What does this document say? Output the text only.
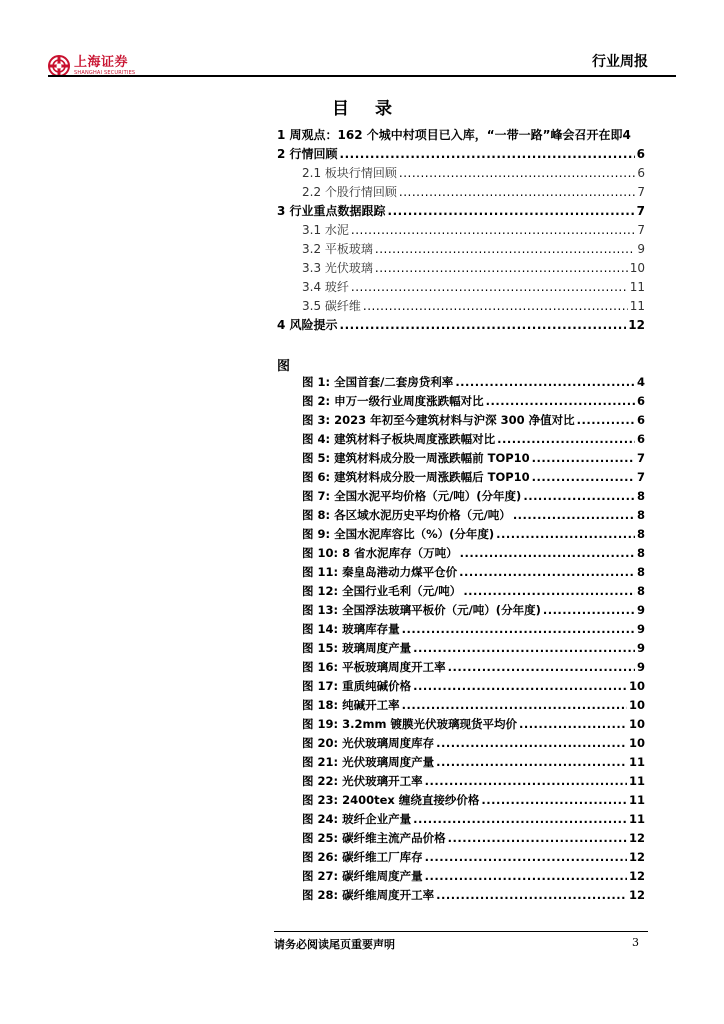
上海证券
SHANGHAI SECURITIES
行业周报
目 录
1 周观点：162 个城中村项目已入库，“一带一路”峰会召开在即 4
2 行情回顾 .....	6
2.1 板块行情回顾 .....	6
2.2 个股行情回顾 .....	7
3 行业重点数据跟踪 .....	7
3.1 水泥 .....	7
3.2 平板玻璃 .....	9
3.3 光伏玻璃 .....	10
3.4 玻纤 .....	11
3.5 碳纤维 .....	11
4 风险提示 .....	12
图
图 1: 全国首套/二套房贷利率 .....	4
图 2: 申万一级行业周度涨跌幅对比 .....	6
图 3: 2023 年初至今建筑材料与沪深 300 净值对比 .....	6
图 4: 建筑材料子板块周度涨跌幅对比 .....	6
图 5: 建筑材料成分股一周涨跌幅前 TOP10 .....	7
图 6: 建筑材料成分股一周涨跌幅后 TOP10 .....	7
图 7: 全国水泥平均价格（元/吨）(分年度) .....	8
图 8: 各区域水泥历史平均价格（元/吨） .....	8
图 9: 全国水泥库容比（%）(分年度) .....	8
图 10: 8 省水泥库存（万吨） .....	8
图 11: 秦皇岛港动力煤平仓价 .....	8
图 12: 全国行业毛利（元/吨） .....	8
图 13: 全国浮法玻璃平板价（元/吨）(分年度) .....	9
图 14: 玻璃库存量 .....	9
图 15: 玻璃周度产量 .....	9
图 16: 平板玻璃周度开工率 .....	9
图 17: 重质纯碱价格 .....	10
图 18: 纯碱开工率 .....	10
图 19: 3.2mm 镀膜光伏玻璃现货平均价 .....	10
图 20: 光伏玻璃周度库存 .....	10
图 21: 光伏玻璃周度产量 .....	11
图 22: 光伏玻璃开工率 .....	11
图 23: 2400tex 缠绕直接纱价格 .....	11
图 24: 玻纤企业产量 .....	11
图 25: 碳纤维主流产品价格 .....	12
图 26: 碳纤维工厂库存 .....	12
图 27: 碳纤维周度产量 .....	12
图 28: 碳纤维周度开工率 .....	12
请务必阅读尾页重要声明	3
